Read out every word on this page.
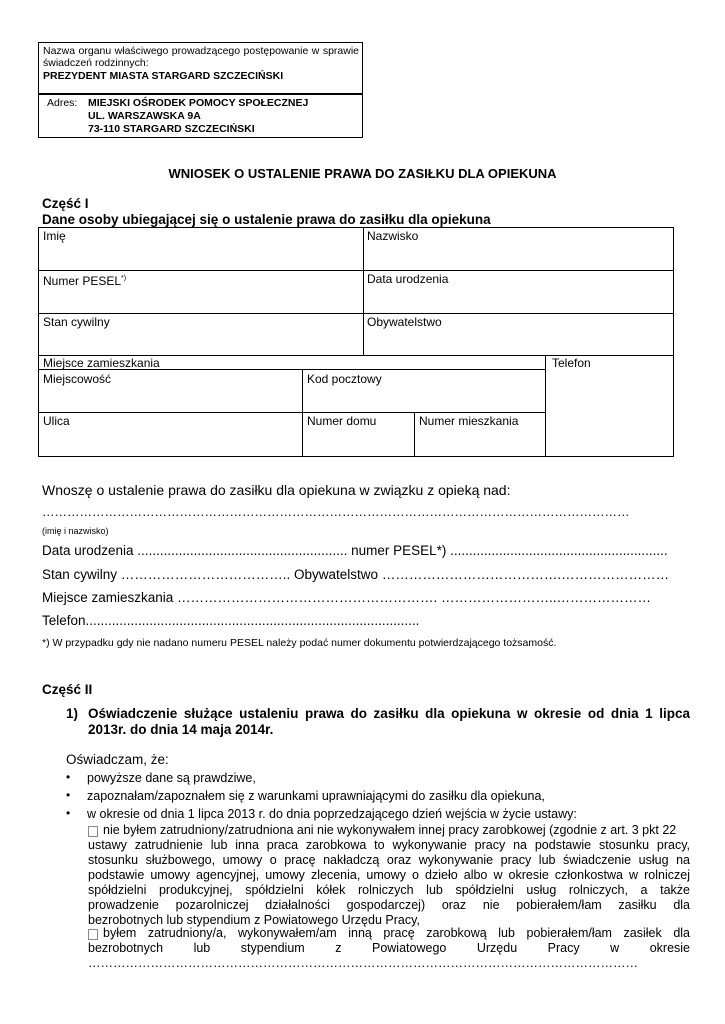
Nazwa organu właściwego prowadzącego postępowanie w sprawie świadczeń rodzinnych:
PREZYDENT MIASTA STARGARD SZCZECIŃSKI
Adres: MIEJSKI OŚRODEK POMOCY SPOŁECZNEJ
UL. WARSZAWSKA 9A
73-110 STARGARD SZCZECIŃSKI
WNIOSEK O USTALENIE PRAWA DO ZASIŁKU DLA OPIEKUNA
Część I
Dane osoby ubiegającej się o ustalenie prawa do zasiłku dla opiekuna
Imię	Nazwisko
Numer PESEL*)	Data urodzenia
Stan cywilny	Obywatelstwo
Miejsce zamieszkania	Telefon
Miejscowość	Kod pocztowy
Ulica	Numer domu	Numer mieszkania
Wnoszę o ustalenie prawa do zasiłku dla opiekuna w związku z opieką nad:
……………………………………………………………………………………………………………………………
(imię i nazwisko)
Data urodzenia ........................................................ numer PESEL*) ..........................................................
Stan cywilny ……………………………….. Obywatelstwo ………………………………….……………………
Miejsce zamieszkania …………………………………………………. ……………………..…………………
Telefon.........................................................................................
*) W przypadku gdy nie nadano numeru PESEL należy podać numer dokumentu potwierdzającego tożsamość.
Część II
1) Oświadczenie służące ustaleniu prawa do zasiłku dla opiekuna w okresie od dnia 1 lipca
2013r. do dnia 14 maja 2014r.
Oświadczam, że:
• powyższe dane są prawdziwe,
• zapoznałam/zapoznałem się z warunkami uprawniającymi do zasiłku dla opiekuna,
• w okresie od dnia 1 lipca 2013 r. do dnia poprzedzającego dzień wejścia w życie ustawy:
nie byłem zatrudniony/zatrudniona ani nie wykonywałem innej pracy zarobkowej (zgodnie z art. 3 pkt 22
ustawy zatrudnienie lub inna praca zarobkowa to wykonywanie pracy na podstawie stosunku pracy,
stosunku służbowego, umowy o pracę nakładczą oraz wykonywanie pracy lub świadczenie usług na
podstawie umowy agencyjnej, umowy zlecenia, umowy o dzieło albo w okresie członkostwa w rolniczej
spółdzielni produkcyjnej, spółdzielni kółek rolniczych lub spółdzielni usług rolniczych, a także
prowadzenie pozarolniczej działalności gospodarczej) oraz nie pobierałem/łam zasiłku dla
bezrobotnych lub stypendium z Powiatowego Urzędu Pracy,
byłem zatrudniony/a, wykonywałem/am inną pracę zarobkową lub pobierałem/łam zasiłek dla
bezrobotnych lub stypendium z Powiatowego Urzędu Pracy w okresie
……………………………………………………………………………………………………………………
